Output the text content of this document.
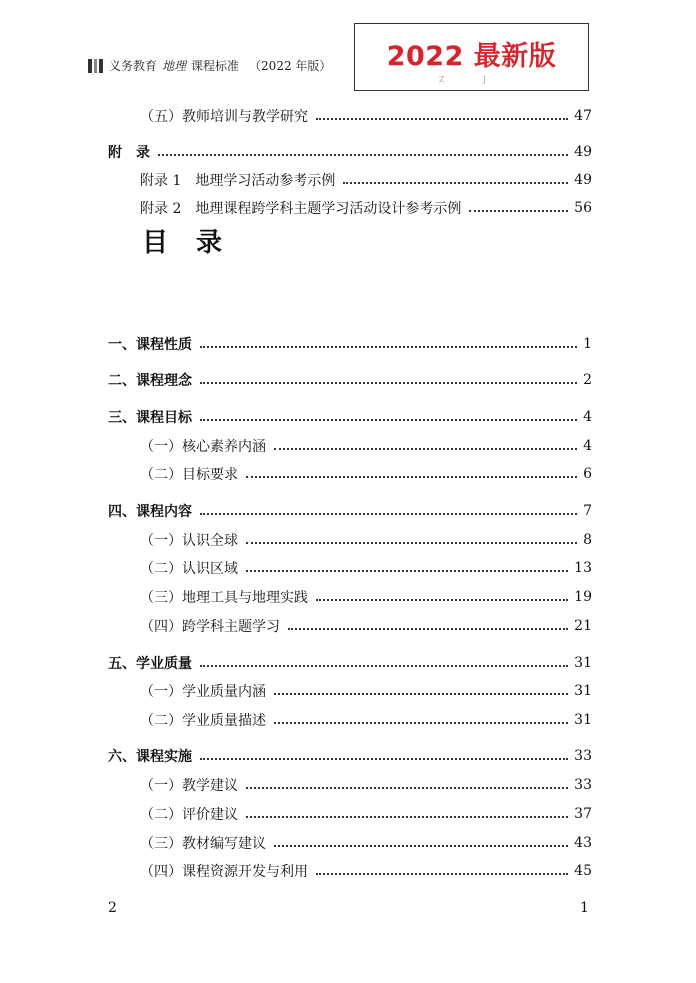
义务教育 地理 课程标准 （2022 年版）	2022 最新版
Z J
（五）教师培训与教学研究	47
附　录	49
附录 1　地理学习活动参考示例	49
附录 2　地理课程跨学科主题学习活动设计参考示例	56
目录
一、课程性质	1
二、课程理念	2
三、课程目标	4
（一）核心素养内涵	4
（二）目标要求	6
四、课程内容	7
（一）认识全球	8
（二）认识区域	13
（三）地理工具与地理实践	19
（四）跨学科主题学习	21
五、学业质量	31
（一）学业质量内涵	31
（二）学业质量描述	31
六、课程实施	33
（一）教学建议	33
（二）评价建议	37
（三）教材编写建议	43
（四）课程资源开发与利用	45
2	1
